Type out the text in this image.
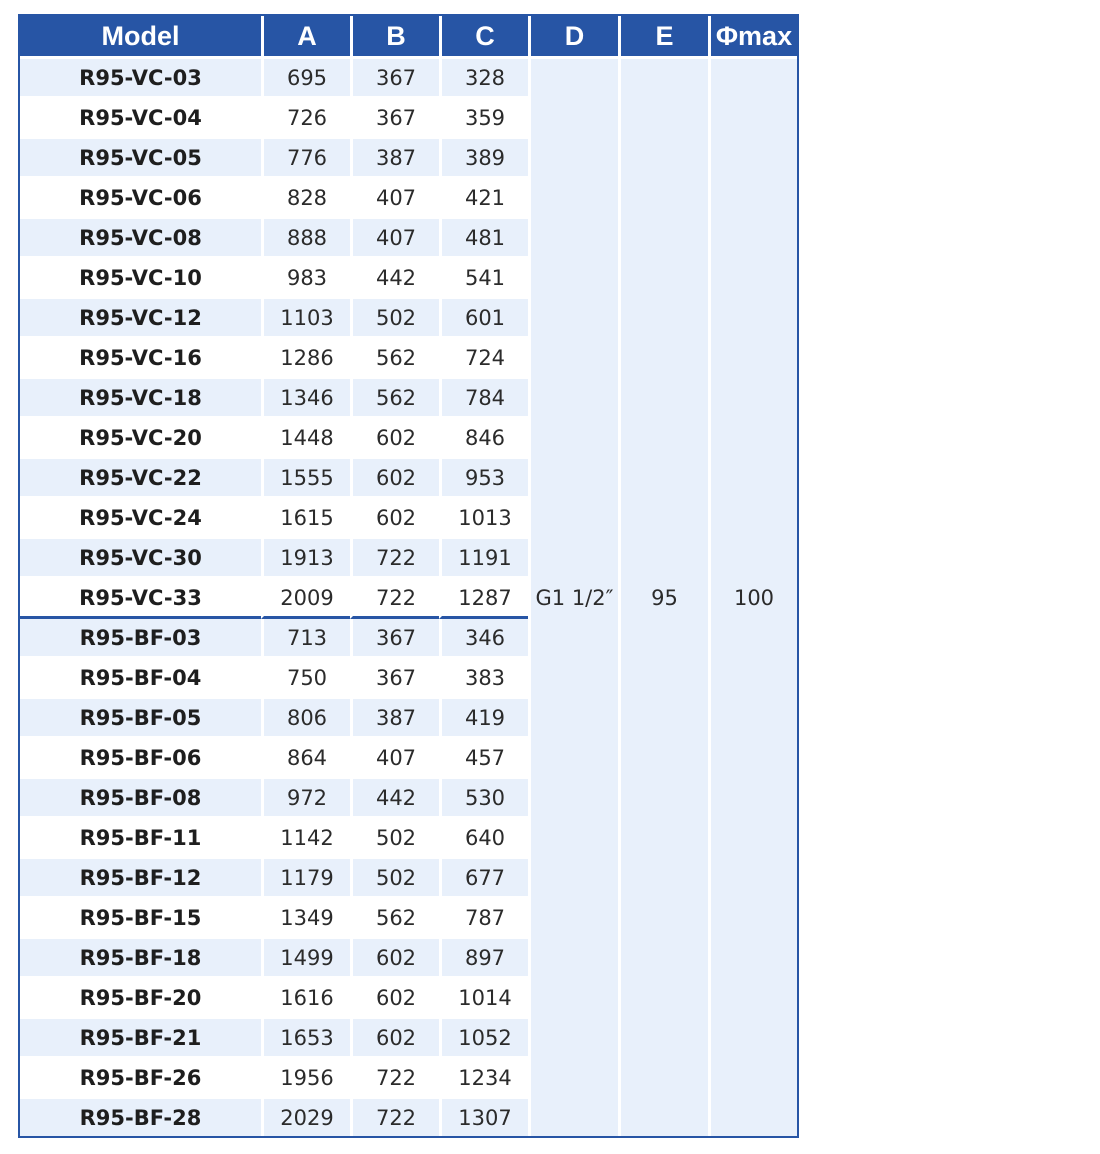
Model	A	B	C	D	E	Φmax
R95-VC-03	695	367	328	G1 1/2″	95	100
R95-VC-04	726	367	359			
R95-VC-05	776	387	389			
R95-VC-06	828	407	421			
R95-VC-08	888	407	481			
R95-VC-10	983	442	541			
R95-VC-12	1103	502	601			
R95-VC-16	1286	562	724			
R95-VC-18	1346	562	784			
R95-VC-20	1448	602	846			
R95-VC-22	1555	602	953			
R95-VC-24	1615	602	1013			
R95-VC-30	1913	722	1191			
R95-VC-33	2009	722	1287			
R95-BF-03	713	367	346			
R95-BF-04	750	367	383			
R95-BF-05	806	387	419			
R95-BF-06	864	407	457			
R95-BF-08	972	442	530			
R95-BF-11	1142	502	640			
R95-BF-12	1179	502	677			
R95-BF-15	1349	562	787			
R95-BF-18	1499	602	897			
R95-BF-20	1616	602	1014			
R95-BF-21	1653	602	1052			
R95-BF-26	1956	722	1234			
R95-BF-28	2029	722	1307			
